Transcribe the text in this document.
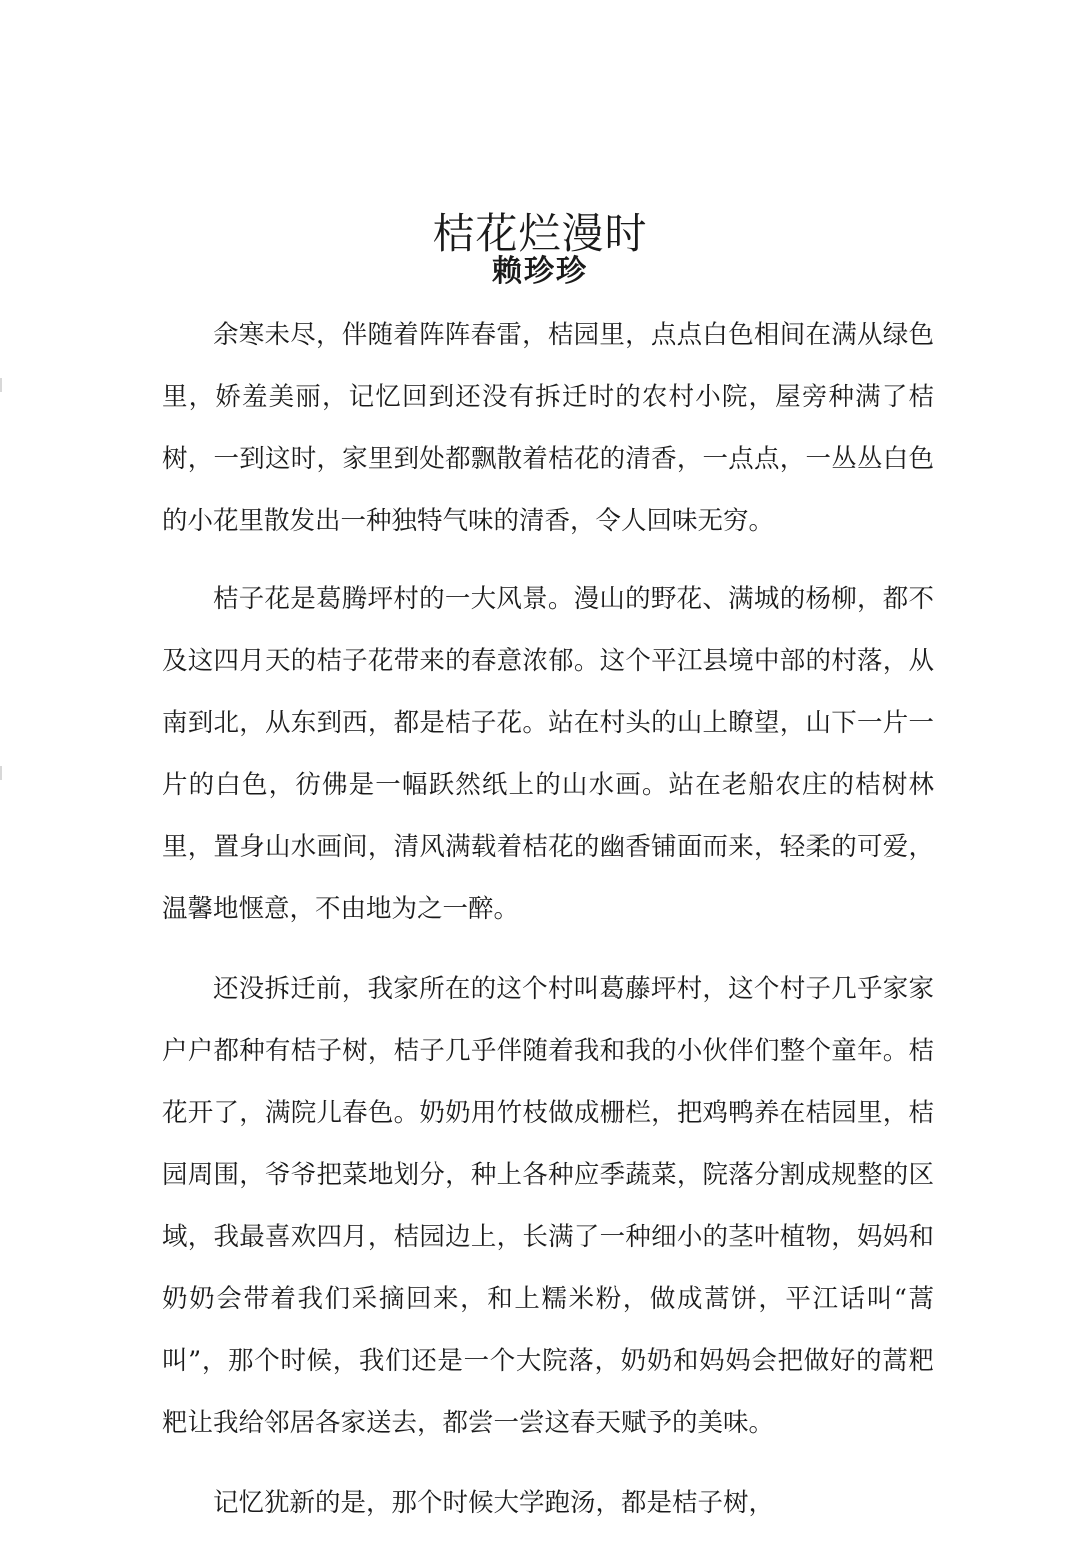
桔花烂漫时
赖珍珍

余寒未尽，伴随着阵阵春雷，桔园里，点点白色相间在满从绿色里，娇羞美丽，记忆回到还没有拆迁时的农村小院，屋旁种满了桔树，一到这时，家里到处都飘散着桔花的清香，一点点，一丛丛白色的小花里散发出一种独特气味的清香，令人回味无穷。

桔子花是葛腾坪村的一大风景。漫山的野花、满城的杨柳，都不及这四月天的桔子花带来的春意浓郁。这个平江县境中部的村落，从南到北，从东到西，都是桔子花。站在村头的山上瞭望，山下一片一片的白色，彷佛是一幅跃然纸上的山水画。站在老船农庄的桔树林里，置身山水画间，清风满载着桔花的幽香铺面而来，轻柔的可爱，温馨地惬意，不由地为之一醉。

还没拆迁前，我家所在的这个村叫葛藤坪村，这个村子几乎家家户户都种有桔子树，桔子几乎伴随着我和我的小伙伴们整个童年。桔花开了，满院儿春色。奶奶用竹枝做成栅栏，把鸡鸭养在桔园里，桔园周围，爷爷把菜地划分，种上各种应季蔬菜，院落分割成规整的区域，我最喜欢四月，桔园边上，长满了一种细小的茎叶植物，妈妈和奶奶会带着我们采摘回来，和上糯米粉，做成蒿饼，平江话叫“蒿叫”，那个时候，我们还是一个大院落，奶奶和妈妈会把做好的蒿粑粑让我给邻居各家送去，都尝一尝这春天赋予的美味。

记忆犹新的是，那个时候大学跑汤，都是桔子树，
